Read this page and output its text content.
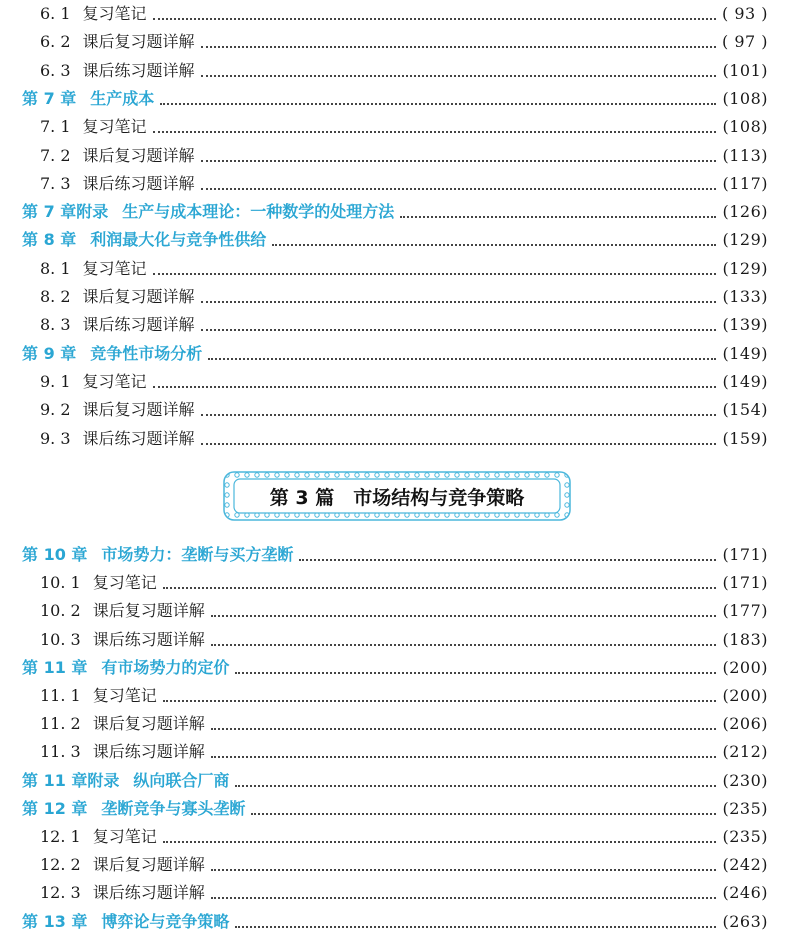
6. 1 复习笔记	( 93 )
6. 2 课后复习题详解	( 97 )
6. 3 课后练习题详解	(101)
第 7 章 生产成本	(108)
7. 1 复习笔记	(108)
7. 2 课后复习题详解	(113)
7. 3 课后练习题详解	(117)
第 7 章附录 生产与成本理论：一种数学的处理方法	(126)
第 8 章 利润最大化与竞争性供给	(129)
8. 1 复习笔记	(129)
8. 2 课后复习题详解	(133)
8. 3 课后练习题详解	(139)
第 9 章 竞争性市场分析	(149)
9. 1 复习笔记	(149)
9. 2 课后复习题详解	(154)
9. 3 课后练习题详解	(159)
第 10 章 市场势力：垄断与买方垄断	(171)
10. 1 复习笔记	(171)
10. 2 课后复习题详解	(177)
10. 3 课后练习题详解	(183)
第 11 章 有市场势力的定价	(200)
11. 1 复习笔记	(200)
11. 2 课后复习题详解	(206)
11. 3 课后练习题详解	(212)
第 11 章附录 纵向联合厂商	(230)
第 12 章 垄断竞争与寡头垄断	(235)
12. 1 复习笔记	(235)
12. 2 课后复习题详解	(242)
12. 3 课后练习题详解	(246)
第 13 章 博弈论与竞争策略	(263)
第 3 篇　市场结构与竞争策略
